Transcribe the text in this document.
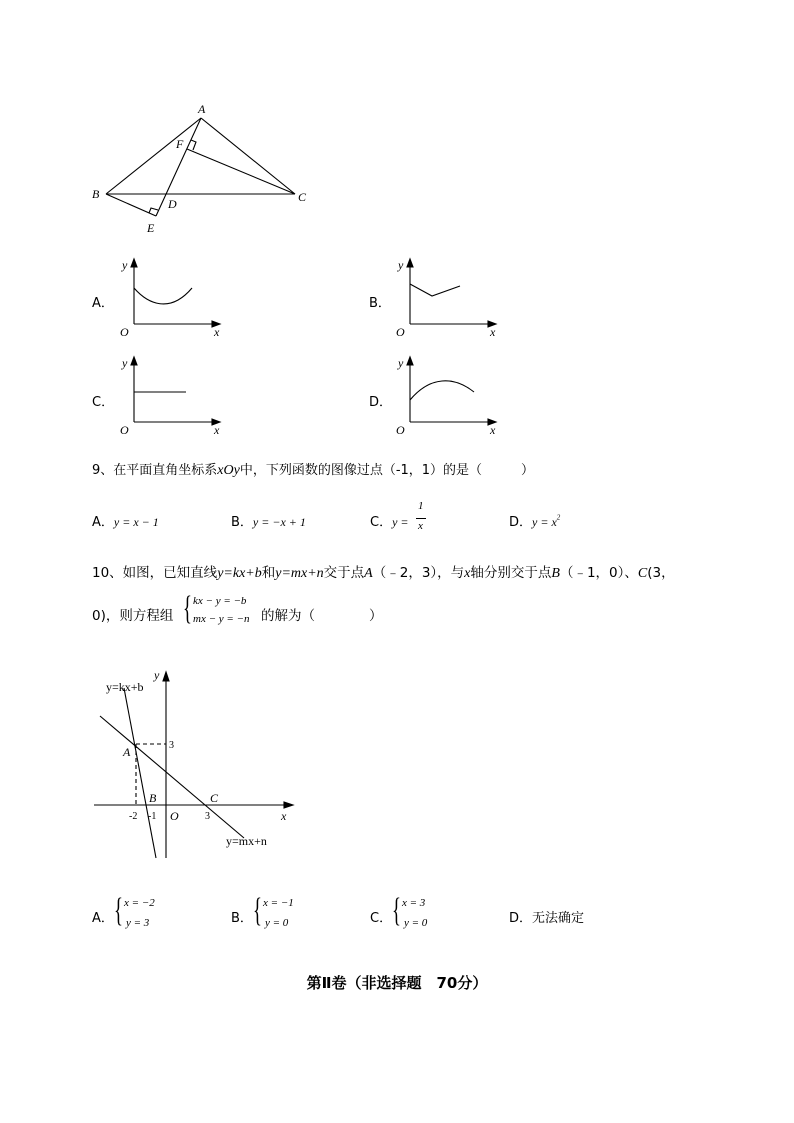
A
B	C
D
E
F
A．
y
x
O
B．
y
x
O
C．
y
x
O
D．
y
x
O
9、在平面直角坐标系xOy中，下列函数的图像过点（-1，1）的是（　　　）
A．y = x − 1	B．y = −x + 1	C．y =
1
x	D．$y = x^2$
10、如图，已知直线y=kx+b和y=mx+n交于点A（﹣2，3），与x轴分别交于点B（﹣1，0）、C(3，
0)，则方程组 { kx − y = −b
mx − y = −n 的解为（　　　　）
y=kx+b
y=mx+n
y
x
O
A
B	C
3
-2 -1	3
A． { x = −2
y = 3	B． { x = −1
y = 0	C． { x = 3
y = 0	D．无法确定
第Ⅱ卷（非选择题　70分）
